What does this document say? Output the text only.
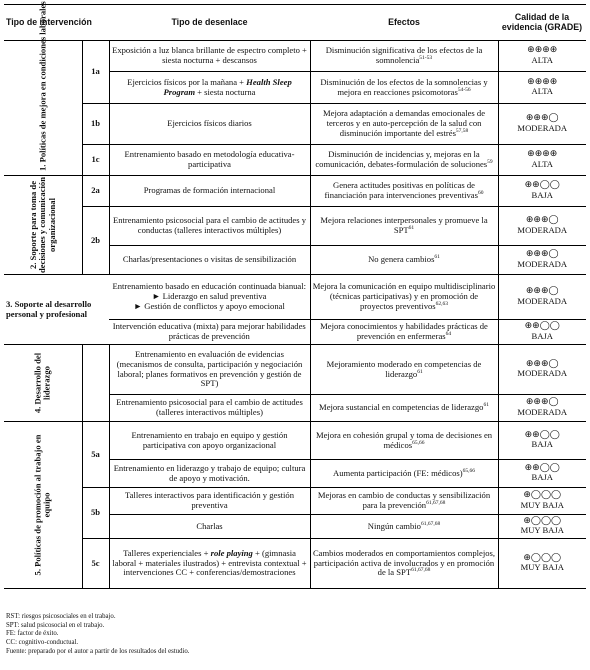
Tipo de intervención		Tipo de desenlace	Efectos	Calidad de la evidencia (GRADE)

1. Políticas de mejora en condiciones laborales	1a	Exposición a luz blanca brillante de espectro completo + siesta nocturna + descansos	Disminución significativa de los efectos de la somnolencia$^{51-53}$	⊕⊕⊕⊕
ALTA

		Ejercicios físicos por la mañana + Health Sleep Program + siesta nocturna	Disminución de los efectos de la somnolencias y mejora en reacciones psicomotoras$^{54-56}$	⊕⊕⊕⊕
ALTA

	1b	Ejercicios físicos diarios	Mejora adaptación a demandas emocionales de terceros y en auto-percepción de la salud con disminución importante del estrés$^{57,58}$	⊕⊕⊕◯
MODERADA

	1c	Entrenamiento basado en metodología educativa-participativa	Disminución de incidencias y, mejoras en la comunicación, debates-formulación de soluciones$^{59}$	⊕⊕⊕⊕
ALTA

2. Soporte para toma de decisiones y comunicación organizacional	2a	Programas de formación internacional	Genera actitudes positivas en políticas de financiación para intervenciones preventivas$^{60}$	⊕⊕◯◯
BAJA

	2b	Entrenamiento psicosocial para el cambio de actitudes y conductas (talleres interactivos múltiples)	Mejora relaciones interpersonales y promueve la SPT$^{61}$	⊕⊕⊕◯
MODERADA

		Charlas/presentaciones o visitas de sensibilización	No genera cambios$^{61}$	⊕⊕⊕◯
MODERADA

3. Soporte al desarrollo personal y profesional		Entrenamiento basado en educación continuada bianual:
► Liderazgo en salud preventiva
► Gestión de conflictos y apoyo emocional	Mejora la comunicación en equipo multidisciplinario (técnicas participativas) y en promoción de proyectos preventivos$^{62,63}$	⊕⊕⊕◯
MODERADA

		Intervención educativa (mixta) para mejorar habilidades prácticas de prevención	Mejora conocimientos y habilidades prácticas de prevención en enfermeras$^{64}$	⊕⊕◯◯
BAJA

4. Desarrollo del liderazgo		Entrenamiento en evaluación de evidencias (mecanismos de consulta, participación y negociación laboral; planes formativos en prevención y gestión de SPT)	Mejoramiento moderado en competencias de liderazgo$^{61}$	⊕⊕⊕◯
MODERADA

		Entrenamiento psicosocial para el cambio de actitudes (talleres interactivos múltiples)	Mejora sustancial en competencias de liderazgo$^{61}$	⊕⊕⊕◯
MODERADA

5. Políticas de promoción al trabajo en equipo	5a	Entrenamiento en trabajo en equipo y gestión participativa con apoyo organizacional	Mejora en cohesión grupal y toma de decisiones en médicos$^{65,66}$	⊕⊕◯◯
BAJA

		Entrenamiento en liderazgo y trabajo de equipo; cultura de apoyo y motivación.	Aumenta participación (FE: médicos)$^{65,66}$	⊕⊕◯◯
BAJA

	5b	Talleres interactivos para identificación y gestión preventiva	Mejoras en cambio de conductas y sensibilización para la prevención$^{61,67,68}$	⊕◯◯◯
MUY BAJA

		Charlas	Ningún cambio$^{61,67,68}$	⊕◯◯◯
MUY BAJA

	5c	Talleres experienciales + role playing + (gimnasia laboral + materiales ilustrados) + entrevista contextual + intervenciones CC + conferencias/demostraciones	Cambios moderados en comportamientos complejos, participación activa de involucrados y en promoción de la SPT$^{61,67,68}$	⊕◯◯◯
MUY BAJA
RST: riesgos psicosociales en el trabajo.
SPT: salud psicosocial en el trabajo.
FE: factor de éxito.
CC: cognitivo-conductual.
Fuente: preparado por el autor a partir de los resultados del estudio.
